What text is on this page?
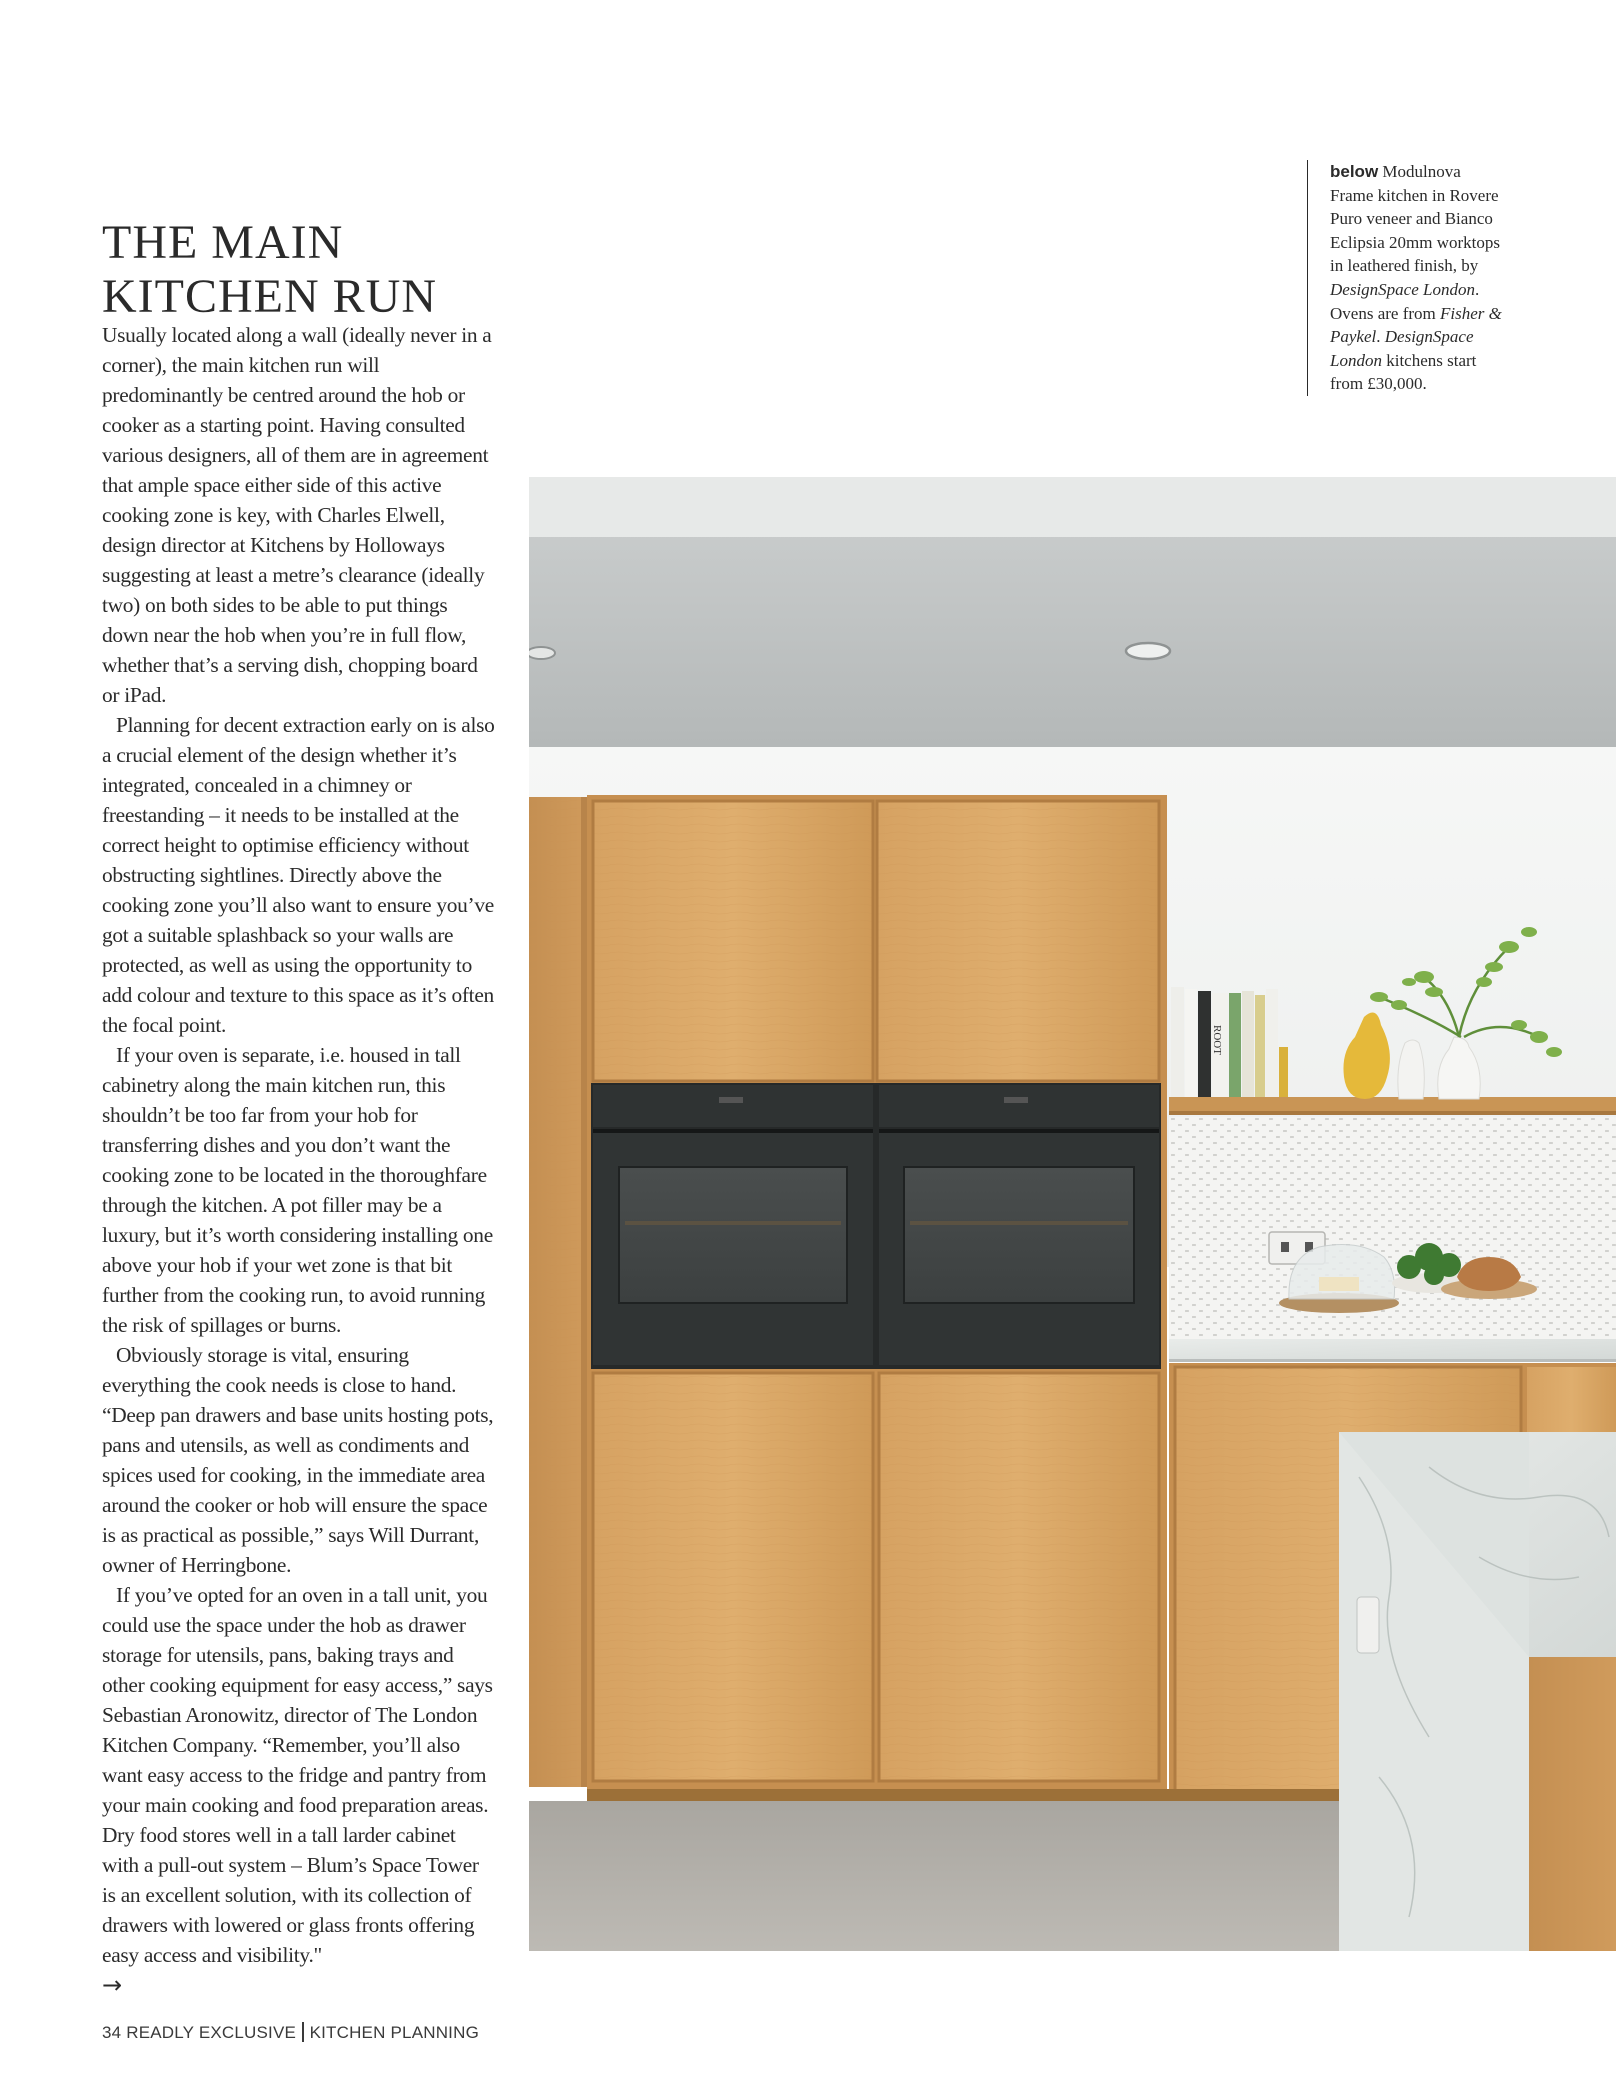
THE MAIN
KITCHEN RUN

Usually located along a wall (ideally never in a corner), the main kitchen run will predominantly be centred around the hob or cooker as a starting point. Having consulted various designers, all of them are in agreement that ample space either side of this active cooking zone is key, with Charles Elwell, design director at Kitchens by Holloways suggesting at least a metre’s clearance (ideally two) on both sides to be able to put things down near the hob when you’re in full flow, whether that’s a serving dish, chopping board or iPad.

Planning for decent extraction early on is also a crucial element of the design whether it’s integrated, concealed in a chimney or freestanding – it needs to be installed at the correct height to optimise efficiency without obstructing sightlines. Directly above the cooking zone you’ll also want to ensure you’ve got a suitable splashback so your walls are protected, as well as using the opportunity to add colour and texture to this space as it’s often the focal point.

If your oven is separate, i.e. housed in tall cabinetry along the main kitchen run, this shouldn’t be too far from your hob for transferring dishes and you don’t want the cooking zone to be located in the thoroughfare through the kitchen. A pot filler may be a luxury, but it’s worth considering installing one above your hob if your wet zone is that bit further from the cooking run, to avoid running the risk of spillages or burns.

Obviously storage is vital, ensuring everything the cook needs is close to hand. “Deep pan drawers and base units hosting pots, pans and utensils, as well as condiments and spices used for cooking, in the immediate area around the cooker or hob will ensure the space is as practical as possible,” says Will Durrant, owner of Herringbone.

If you’ve opted for an oven in a tall unit, you could use the space under the hob as drawer storage for utensils, pans, baking trays and other cooking equipment for easy access,” says Sebastian Aronowitz, director of The London Kitchen Company. “Remember, you’ll also want easy access to the fridge and pantry from your main cooking and food preparation areas. Dry food stores well in a tall larder cabinet with a pull-out system – Blum’s Space Tower is an excellent solution, with its collection of drawers with lowered or glass fronts offering easy access and visibility."

→
below Modulnova Frame kitchen in Rovere Puro veneer and Bianco Eclipsia 20mm worktops in leathered finish, by DesignSpace London. Ovens are from Fisher & Paykel. DesignSpace London kitchens start from £30,000.
ROOT
34 READLY EXCLUSIVE KITCHEN PLANNING
